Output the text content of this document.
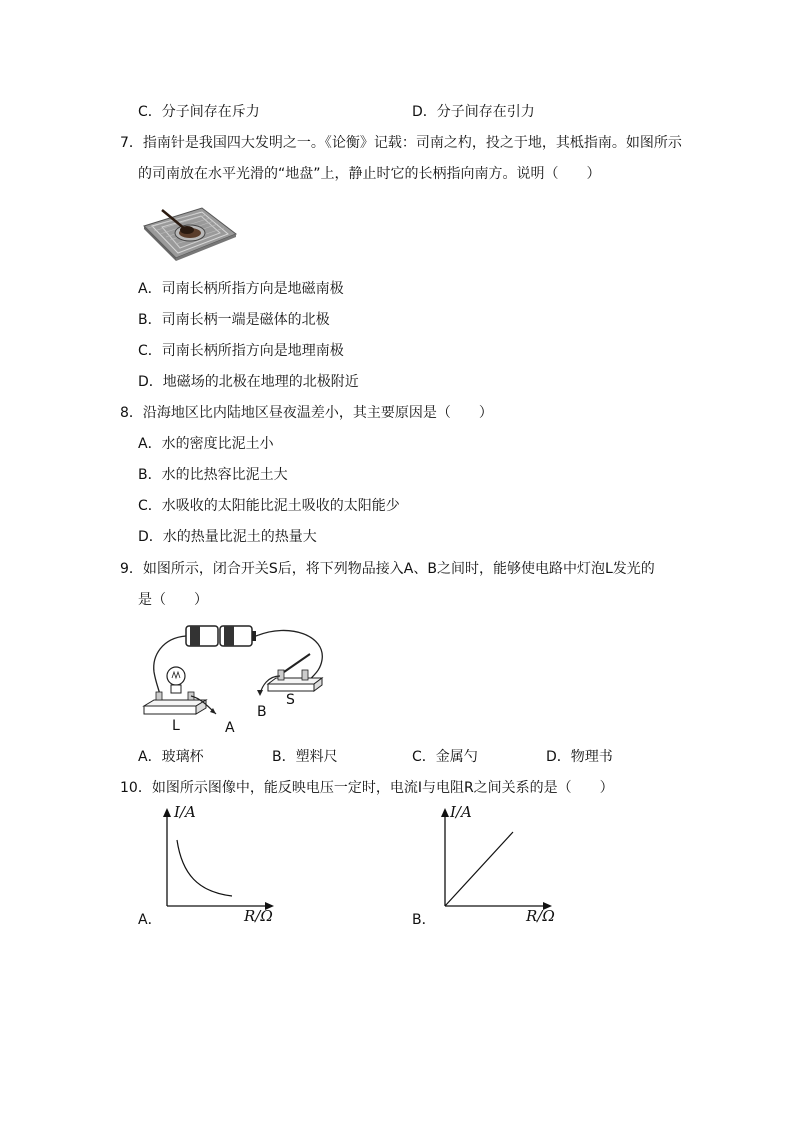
C．分子间存在斥力	D．分子间存在引力
7．指南针是我国四大发明之一。《论衡》记载：司南之杓，投之于地，其柢指南。如图所示
的司南放在水平光滑的“地盘”上，静止时它的长柄指向南方。说明（　　）
A．司南长柄所指方向是地磁南极
B．司南长柄一端是磁体的北极
C．司南长柄所指方向是地理南极
D．地磁场的北极在地理的北极附近
8．沿海地区比内陆地区昼夜温差小，其主要原因是（　　）
A．水的密度比泥土小
B．水的比热容比泥土大
C．水吸收的太阳能比泥土吸收的太阳能少
D．水的热量比泥土的热量大
9．如图所示，闭合开关S后，将下列物品接入A、B之间时，能够使电路中灯泡L发光的
是（　　）
L	A
B
S
A．玻璃杯	B．塑料尺	C．金属勺	D．物理书
10．如图所示图像中，能反映电压一定时，电流I与电阻R之间关系的是（　　）
I/A
R/Ω
A．
I/A
R/Ω
B．
